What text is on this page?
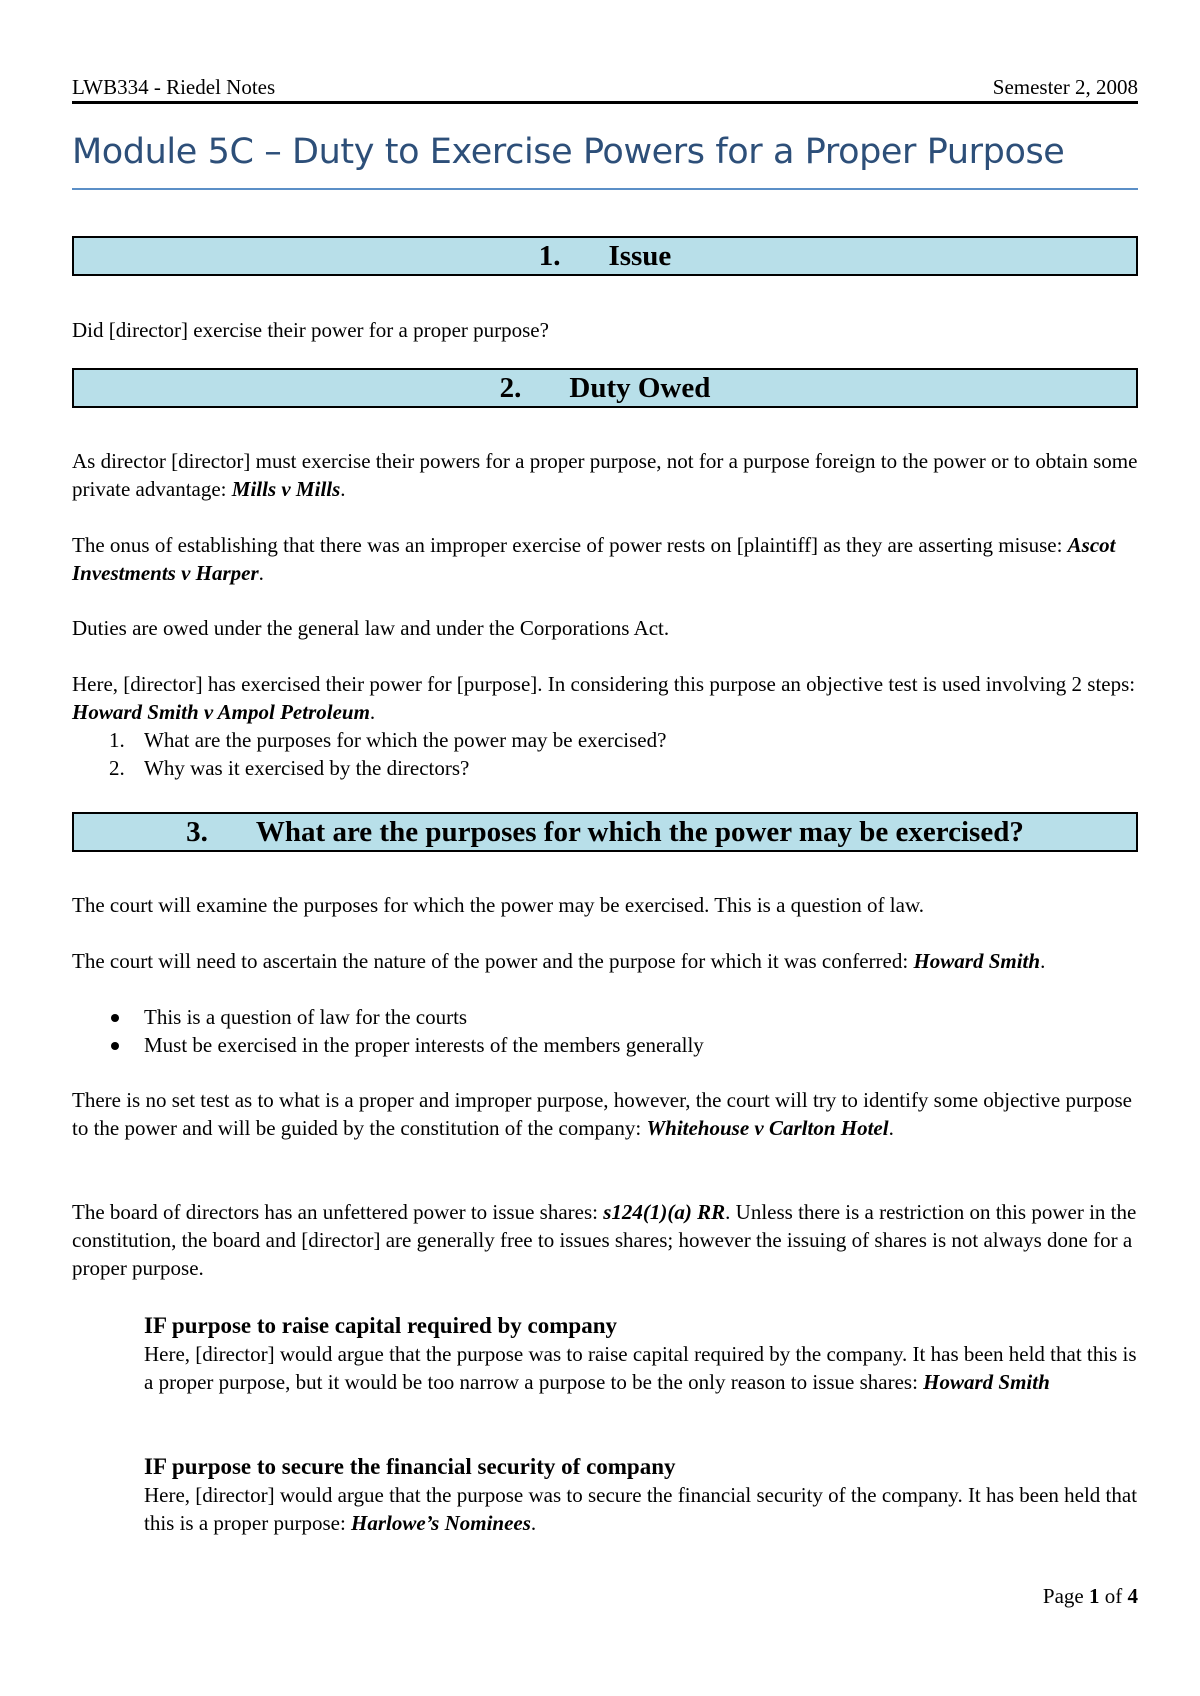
LWB334 - Riedel Notes	Semester 2, 2008
Module 5C – Duty to Exercise Powers for a Proper Purpose
1. Issue
Did [director] exercise their power for a proper purpose?
2. Duty Owed
As director [director] must exercise their powers for a proper purpose, not for a purpose foreign to the power or to obtain some private advantage: Mills v Mills.
The onus of establishing that there was an improper exercise of power rests on [plaintiff] as they are asserting misuse: Ascot Investments v Harper.
Duties are owed under the general law and under the Corporations Act.
Here, [director] has exercised their power for [purpose]. In considering this purpose an objective test is used involving 2 steps: Howard Smith v Ampol Petroleum.
1. What are the purposes for which the power may be exercised?
2. Why was it exercised by the directors?
3. What are the purposes for which the power may be exercised?
The court will examine the purposes for which the power may be exercised. This is a question of law.
The court will need to ascertain the nature of the power and the purpose for which it was conferred: Howard Smith.
This is a question of law for the courts
Must be exercised in the proper interests of the members generally
There is no set test as to what is a proper and improper purpose, however, the court will try to identify some objective purpose to the power and will be guided by the constitution of the company: Whitehouse v Carlton Hotel.
The board of directors has an unfettered power to issue shares: s124(1)(a) RR. Unless there is a restriction on this power in the constitution, the board and [director] are generally free to issues shares; however the issuing of shares is not always done for a proper purpose.
IF purpose to raise capital required by company
Here, [director] would argue that the purpose was to raise capital required by the company. It has been held that this is a proper purpose, but it would be too narrow a purpose to be the only reason to issue shares: Howard Smith
IF purpose to secure the financial security of company
Here, [director] would argue that the purpose was to secure the financial security of the company. It has been held that this is a proper purpose: Harlowe’s Nominees.
Page 1 of 4
